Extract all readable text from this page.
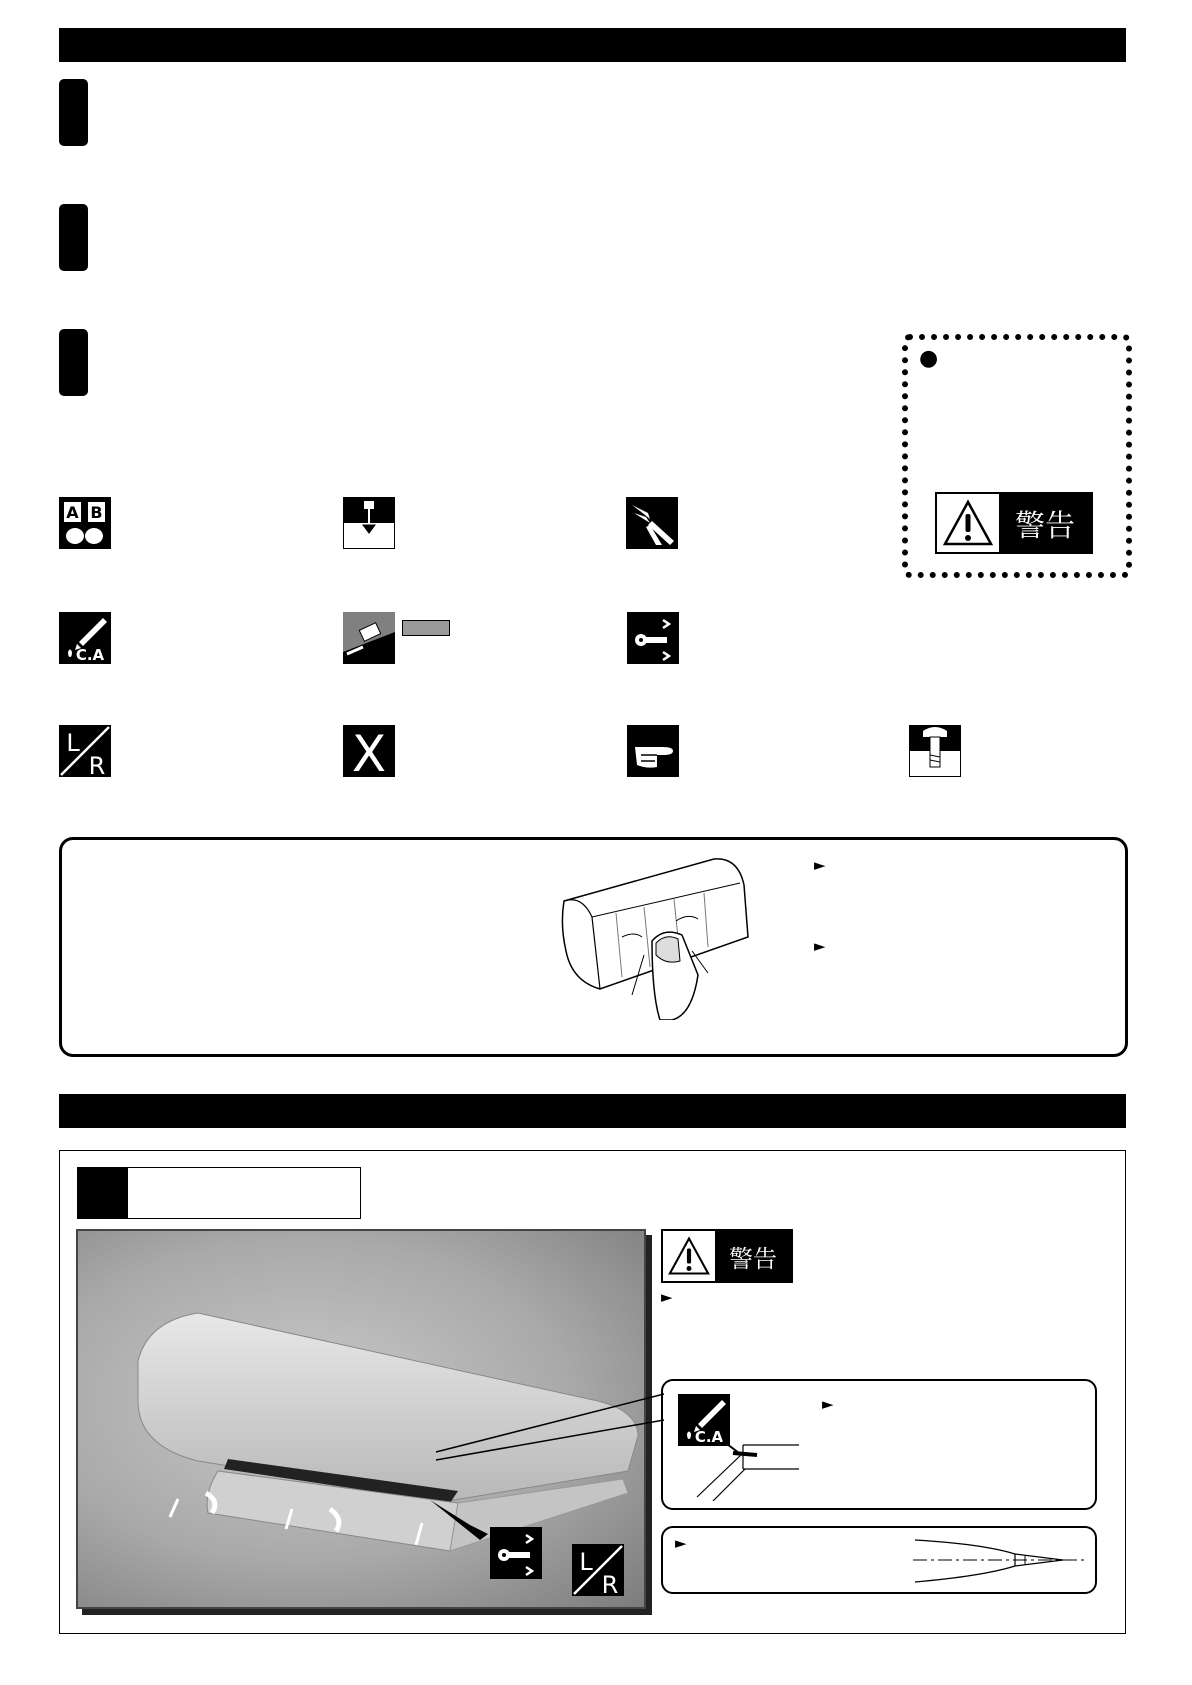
●
警告
A B
C.A
L
R	X
►
►
L
R
警告
►
C.A
►
►
